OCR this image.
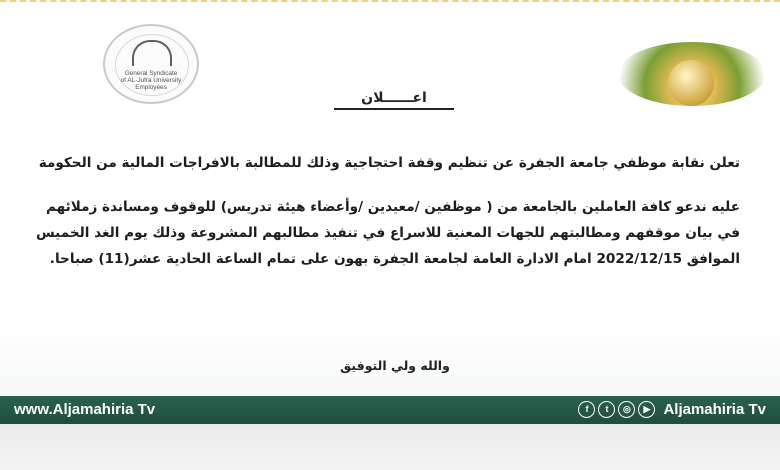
General Syndicate
of AL-Jufra University
Employees
اعــــــلان
تعلن نقابة موظفي جامعة الجفرة عن تنظيم وقفة احتجاجية وذلك للمطالبة بالافراجات المالية من الحكومة
عليه ندعو كافة العاملين بالجامعة من ( موظفين /معيدين /وأعضاء هيئة تدريس) للوقوف ومساندة زملائهم
في بيان موقفهم ومطالبتهم للجهات المعنية للاسراع في تنفيذ مطالبهم المشروعة وذلك يوم الغد الخميس
الموافق 2022/12/15 امام الادارة العامة لجامعة الجفرة بهون على تمام الساعة الحادية عشر(11) صباحا.
والله ولي التوفيق
www.Aljamahiria Tv	f	t	◎	▶ Aljamahiria Tv
